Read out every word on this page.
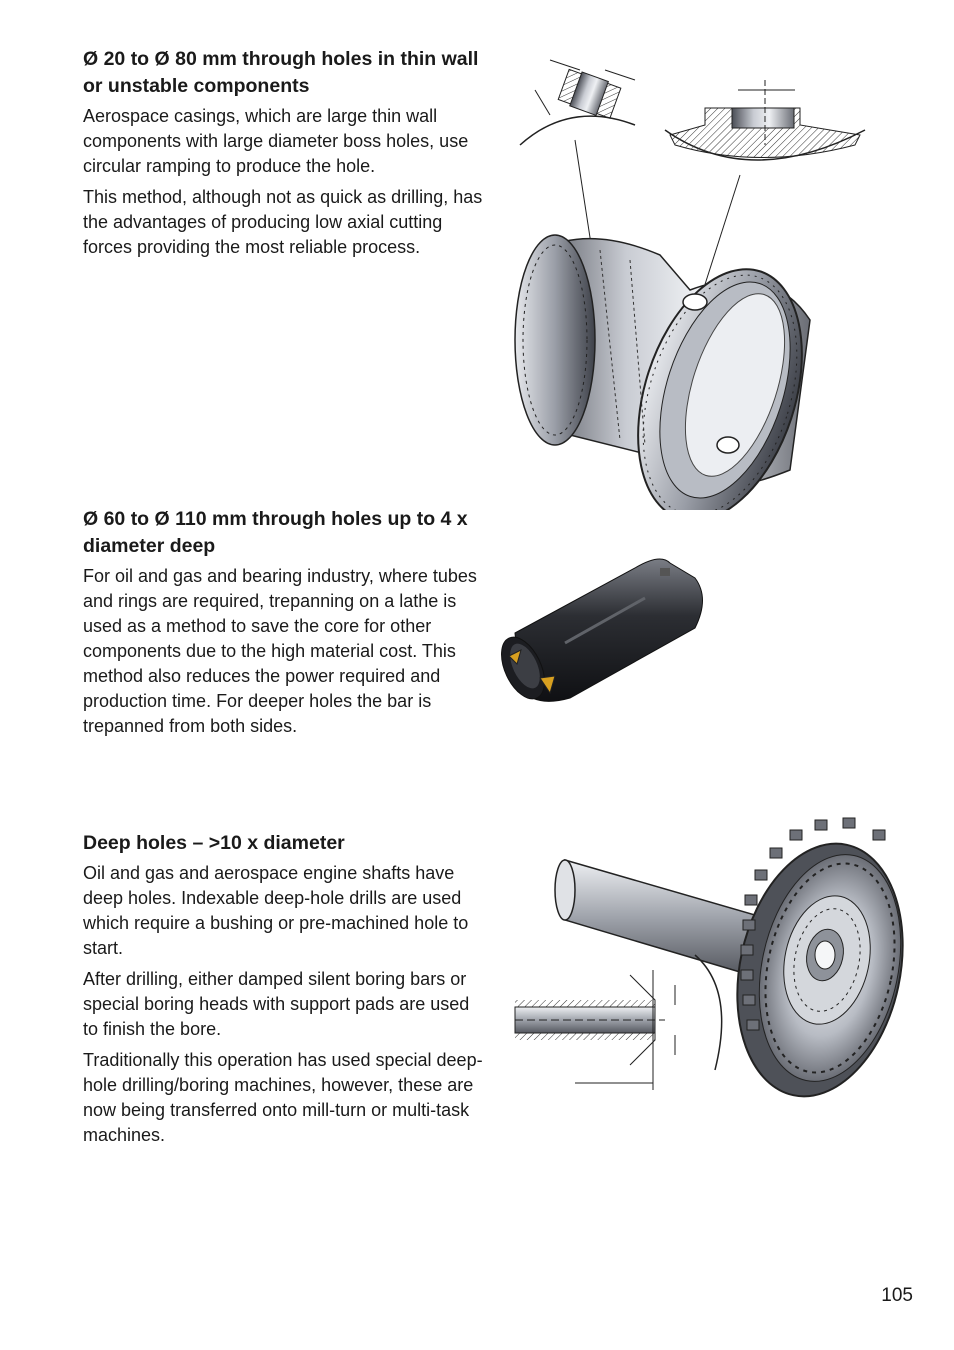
Ø 20 to Ø 80 mm through holes in thin wall or unstable components

Aerospace casings, which are large thin wall components with large diameter boss holes, use circular ramping to produce the hole.

This method, although not as quick as drilling, has the advantages of producing low axial cutting forces providing the most reliable process.

Ø 60 to Ø 110 mm through holes up to 4 x diameter deep

For oil and gas and bearing industry, where tubes and rings are required, trepanning on a lathe is used as a method to save the core for other components due to the high material cost. This method also reduces the power required and production time. For deeper holes the bar is trepanned from both sides.

Deep holes – >10 x diameter

Oil and gas and aerospace engine shafts have deep holes. Indexable deep-hole drills are used which require a bushing or pre-machined hole to start.

After drilling, either damped silent boring bars or special boring heads with support pads are used to finish the bore.

Traditionally this operation has used special deep-hole drilling/boring machines, however, these are now being transferred onto mill-turn or multi-task machines.

105
